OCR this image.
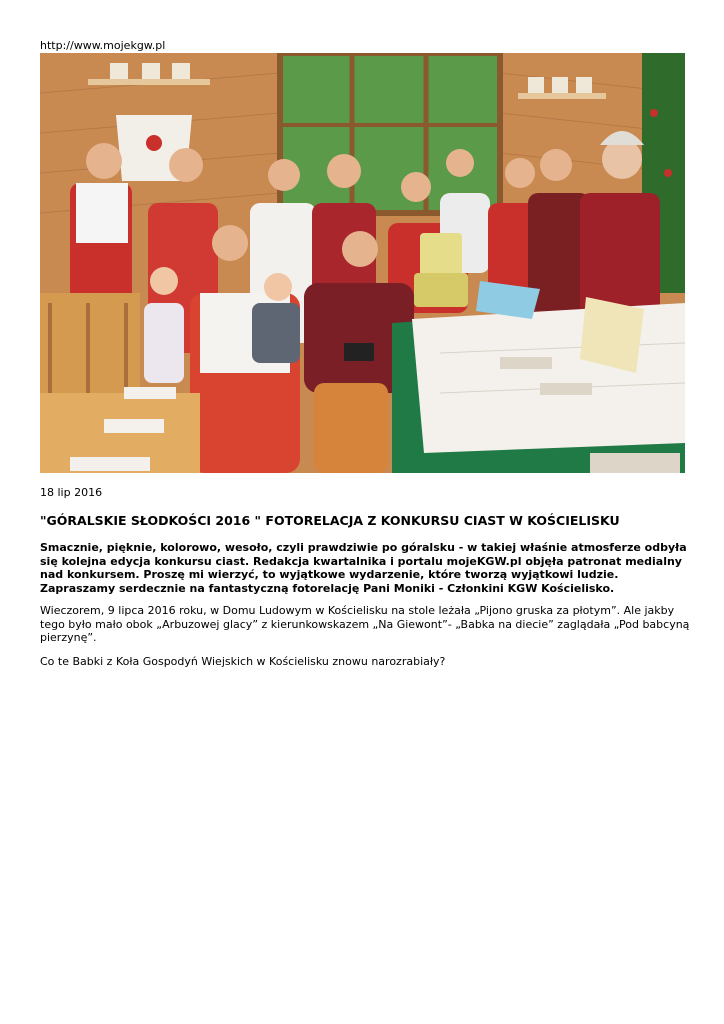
http://www.mojekgw.pl
18 lip 2016
"GÓRALSKIE SŁODKOŚCI 2016 " FOTORELACJA Z KONKURSU CIAST W KOŚCIELISKU

Smacznie, pięknie, kolorowo, wesoło, czyli prawdziwie po góralsku - w takiej właśnie atmosferze odbyła się kolejna edycja konkursu ciast. Redakcja kwartalnika i portalu mojeKGW.pl objęła patronat medialny nad konkursem. Proszę mi wierzyć, to wyjątkowe wydarzenie, które tworzą wyjątkowi ludzie. Zapraszamy serdecznie na fantastyczną fotorelację Pani Moniki - Członkini KGW Kościelisko.

Wieczorem, 9 lipca 2016 roku, w Domu Ludowym w Kościelisku na stole leżała „Pijono gruska za płotym”. Ale jakby tego było mało obok „Arbuzowej glacy” z kierunkowskazem „Na Giewont”- „Babka na diecie” zaglądała „Pod babcyną pierzynę”.

Co te Babki z Koła Gospodyń Wiejskich w Kościelisku znowu narozrabiały?
